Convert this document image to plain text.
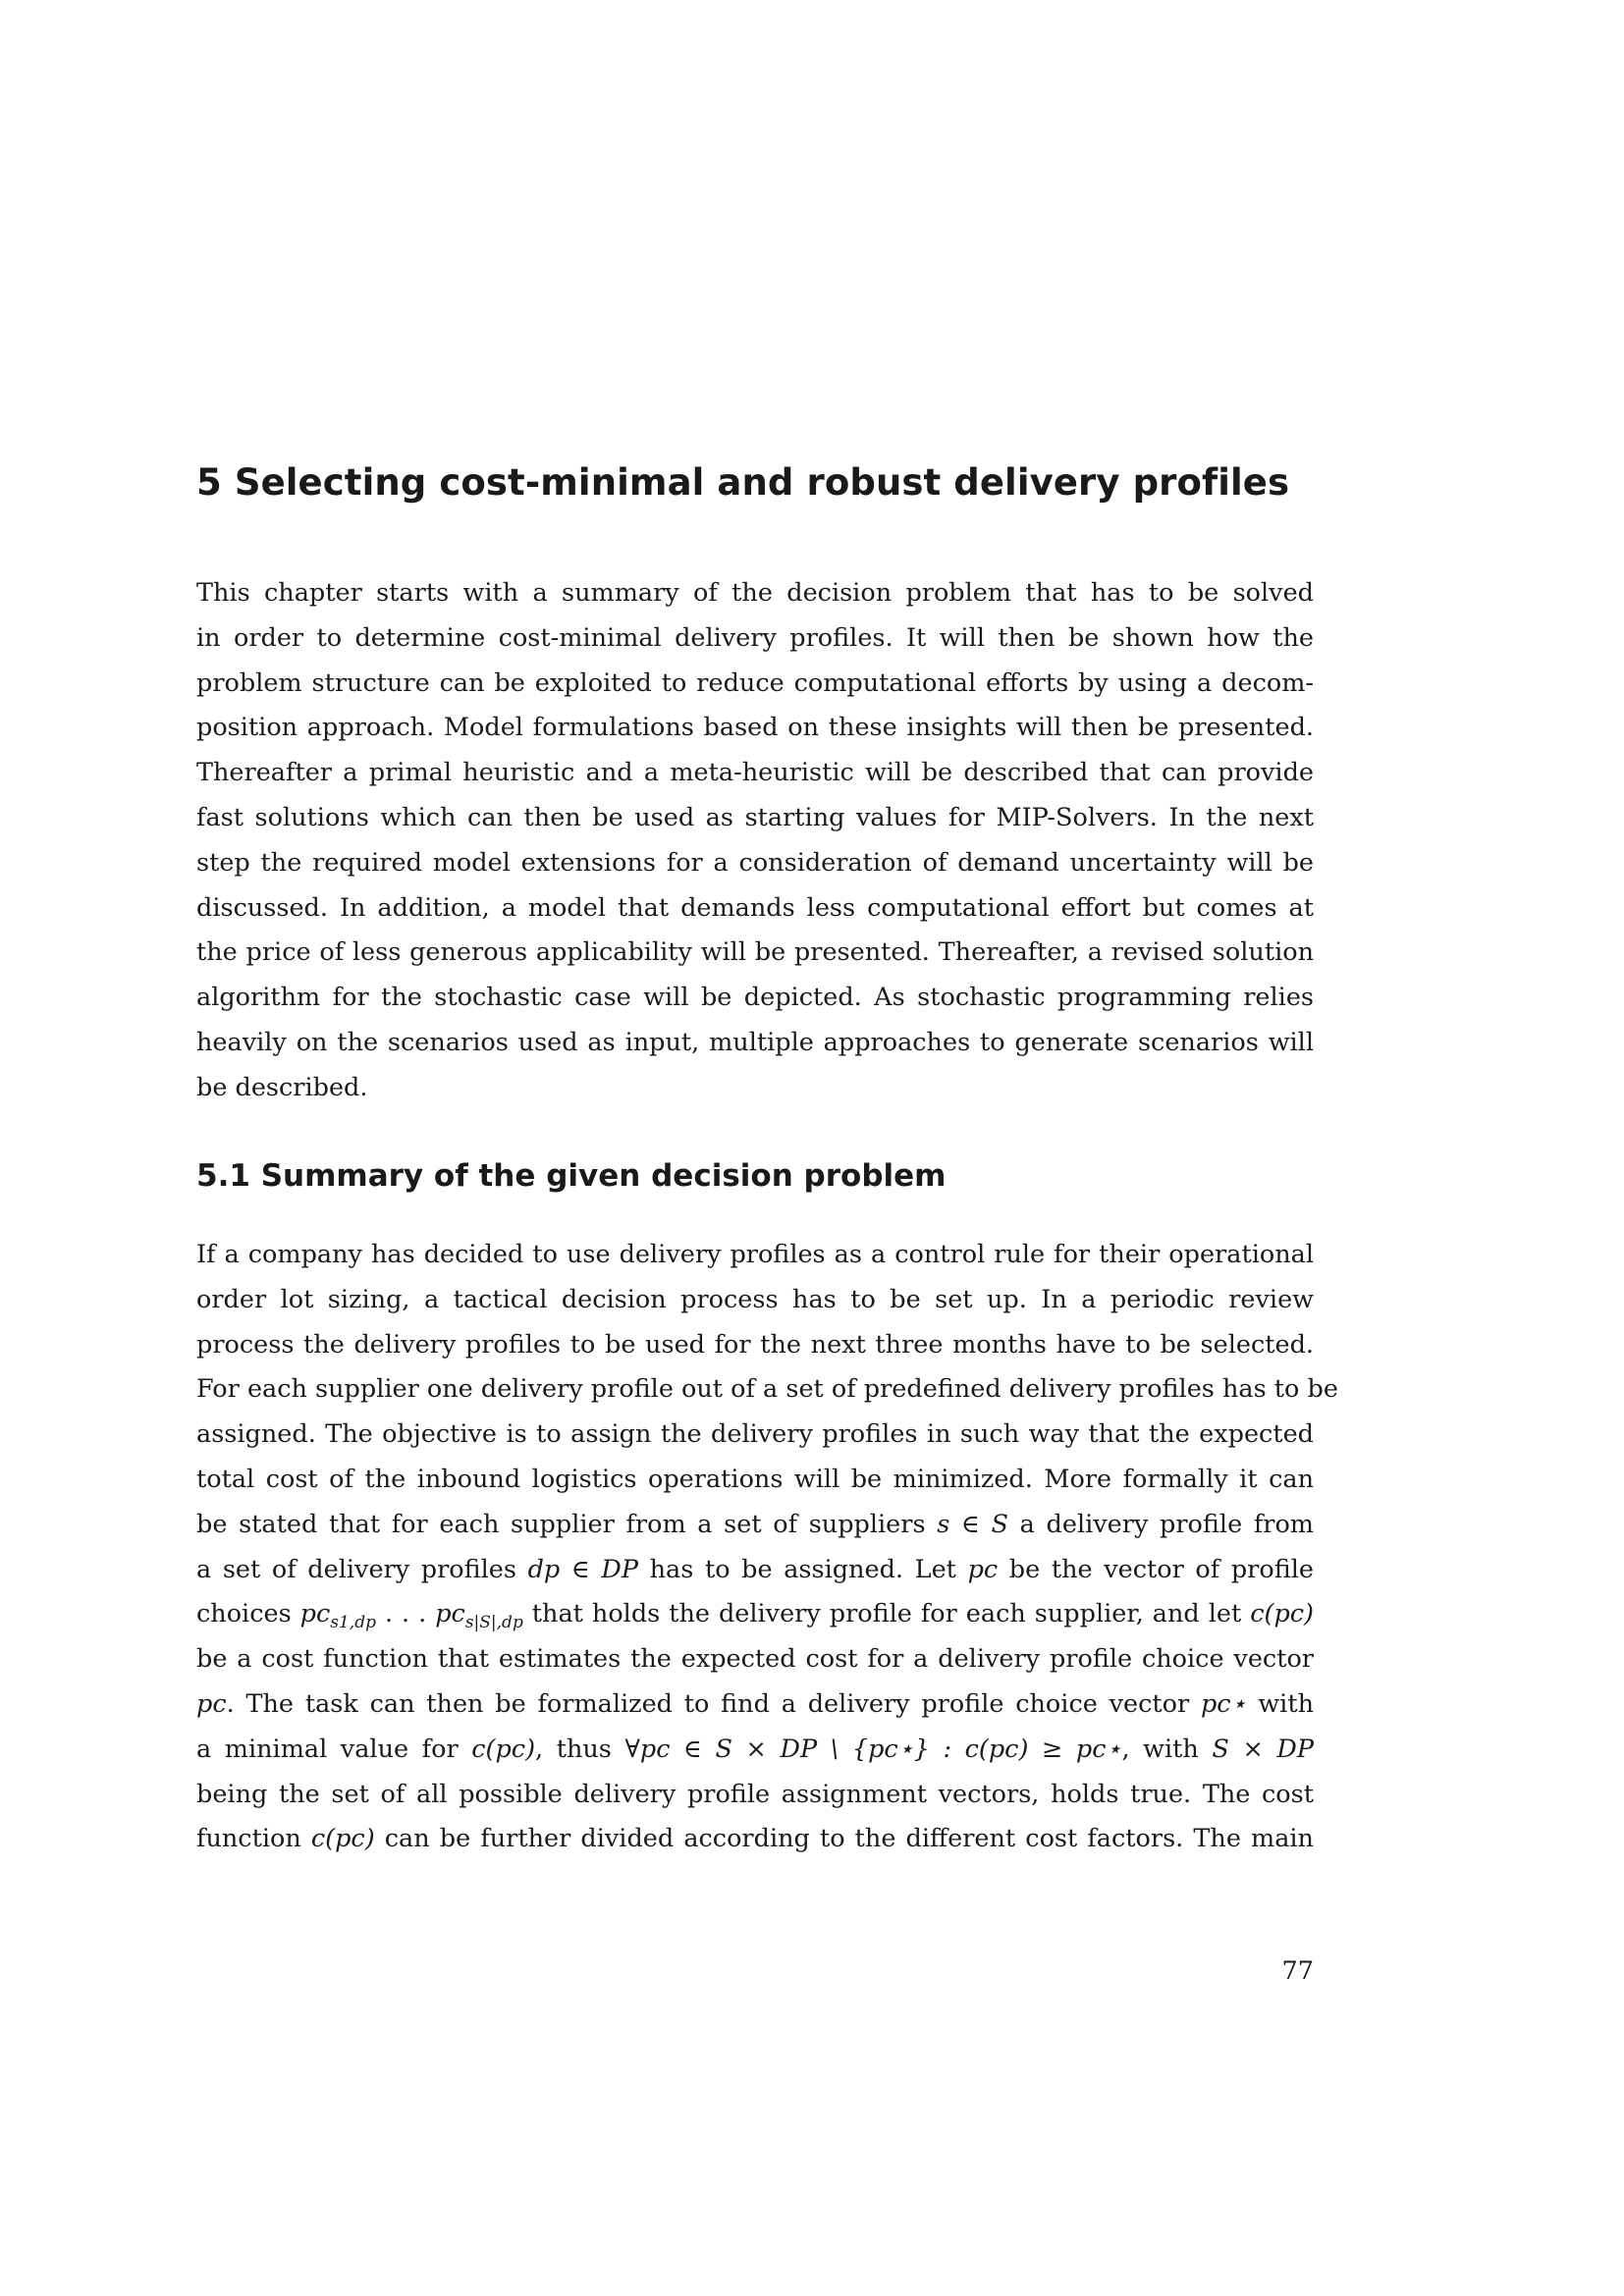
5 Selecting cost-minimal and robust delivery profiles
This chapter starts with a summary of the decision problem that has to be solved
in order to determine cost-minimal delivery profiles. It will then be shown how the
problem structure can be exploited to reduce computational efforts by using a decom-
position approach. Model formulations based on these insights will then be presented.
Thereafter a primal heuristic and a meta-heuristic will be described that can provide
fast solutions which can then be used as starting values for MIP-Solvers. In the next
step the required model extensions for a consideration of demand uncertainty will be
discussed. In addition, a model that demands less computational effort but comes at
the price of less generous applicability will be presented. Thereafter, a revised solution
algorithm for the stochastic case will be depicted. As stochastic programming relies
heavily on the scenarios used as input, multiple approaches to generate scenarios will
be described.
5.1 Summary of the given decision problem
If a company has decided to use delivery profiles as a control rule for their operational
order lot sizing, a tactical decision process has to be set up. In a periodic review
process the delivery profiles to be used for the next three months have to be selected.
For each supplier one delivery profile out of a set of predefined delivery profiles has to be
assigned. The objective is to assign the delivery profiles in such way that the expected
total cost of the inbound logistics operations will be minimized. More formally it can
be stated that for each supplier from a set of suppliers s ∈ S a delivery profile from
a set of delivery profiles dp ∈ DP has to be assigned. Let pc be the vector of profile
choices $pc_{s1,dp}$ . . . $pc_{s|S|,dp}$ that holds the delivery profile for each supplier, and let c(pc)
be a cost function that estimates the expected cost for a delivery profile choice vector
pc. The task can then be formalized to find a delivery profile choice vector pc⋆ with
a minimal value for c(pc), thus ∀pc ∈ S × DP \ {pc⋆} : c(pc) ≥ pc⋆, with S × DP
being the set of all possible delivery profile assignment vectors, holds true. The cost
function c(pc) can be further divided according to the different cost factors. The main
77
